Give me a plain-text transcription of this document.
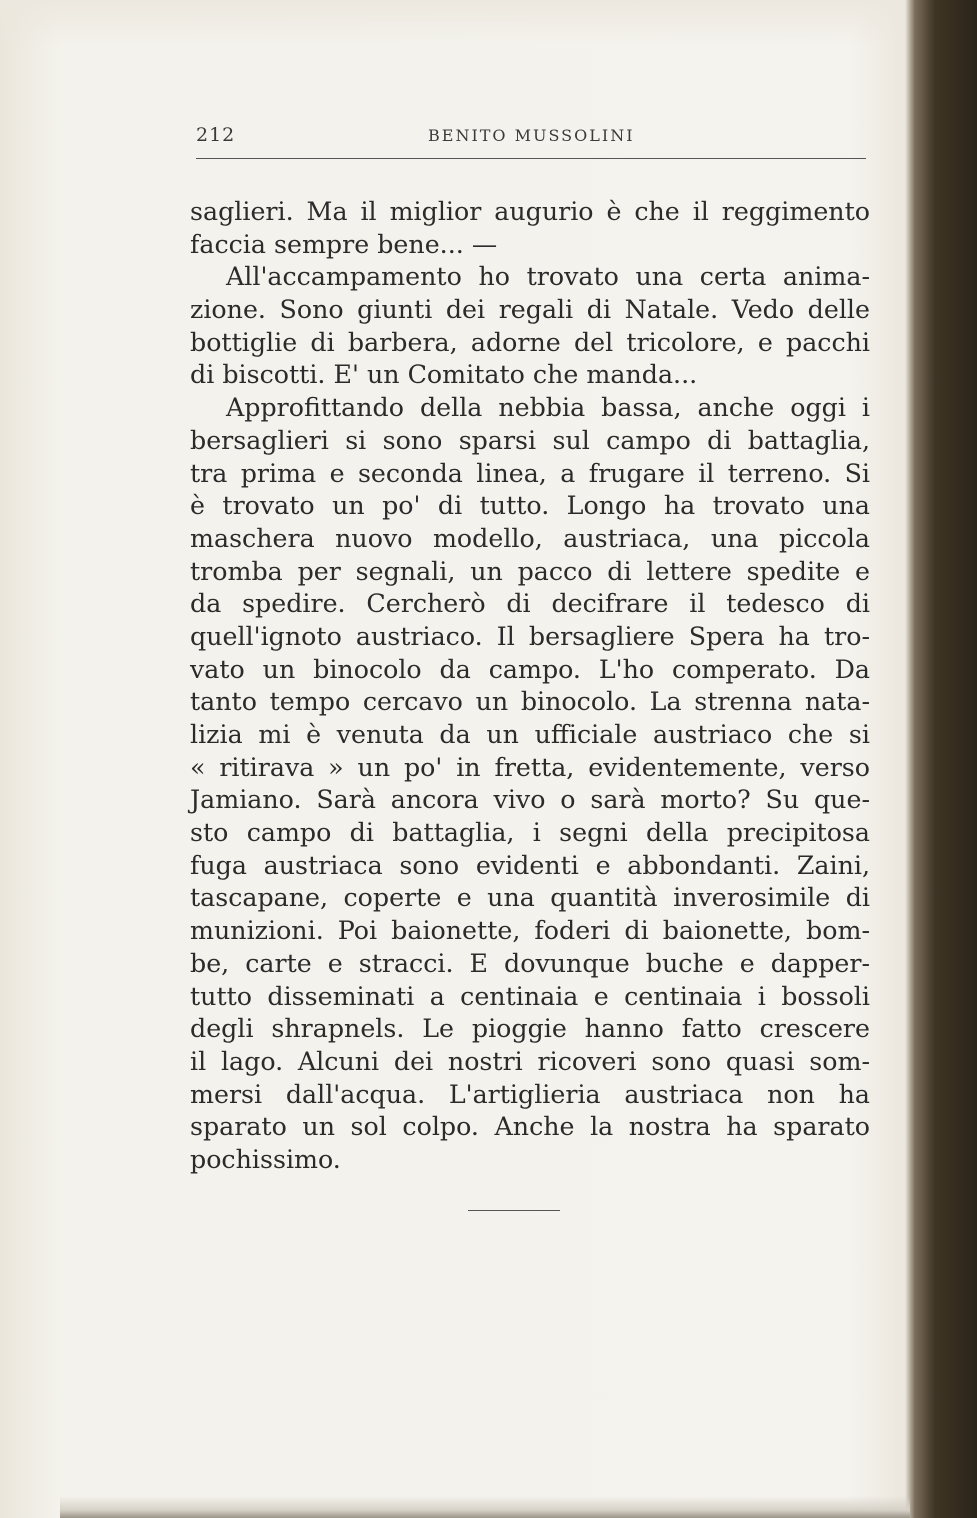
212	BENITO MUSSOLINI
saglieri. Ma il miglior augurio è che il reggimento
faccia sempre bene... —
All'accampamento ho trovato una certa anima-
zione. Sono giunti dei regali di Natale. Vedo delle
bottiglie di barbera, adorne del tricolore, e pacchi
di biscotti. E' un Comitato che manda...
Approfittando della nebbia bassa, anche oggi i
bersaglieri si sono sparsi sul campo di battaglia,
tra prima e seconda linea, a frugare il terreno. Si
è trovato un po' di tutto. Longo ha trovato una
maschera nuovo modello, austriaca, una piccola
tromba per segnali, un pacco di lettere spedite e
da spedire. Cercherò di decifrare il tedesco di
quell'ignoto austriaco. Il bersagliere Spera ha tro-
vato un binocolo da campo. L'ho comperato. Da
tanto tempo cercavo un binocolo. La strenna nata-
lizia mi è venuta da un ufficiale austriaco che si
« ritirava » un po' in fretta, evidentemente, verso
Jamiano. Sarà ancora vivo o sarà morto? Su que-
sto campo di battaglia, i segni della precipitosa
fuga austriaca sono evidenti e abbondanti. Zaini,
tascapane, coperte e una quantità inverosimile di
munizioni. Poi baionette, foderi di baionette, bom-
be, carte e stracci. E dovunque buche e dapper-
tutto disseminati a centinaia e centinaia i bossoli
degli shrapnels. Le pioggie hanno fatto crescere
il lago. Alcuni dei nostri ricoveri sono quasi som-
mersi dall'acqua. L'artiglieria austriaca non ha
sparato un sol colpo. Anche la nostra ha sparato
pochissimo.
